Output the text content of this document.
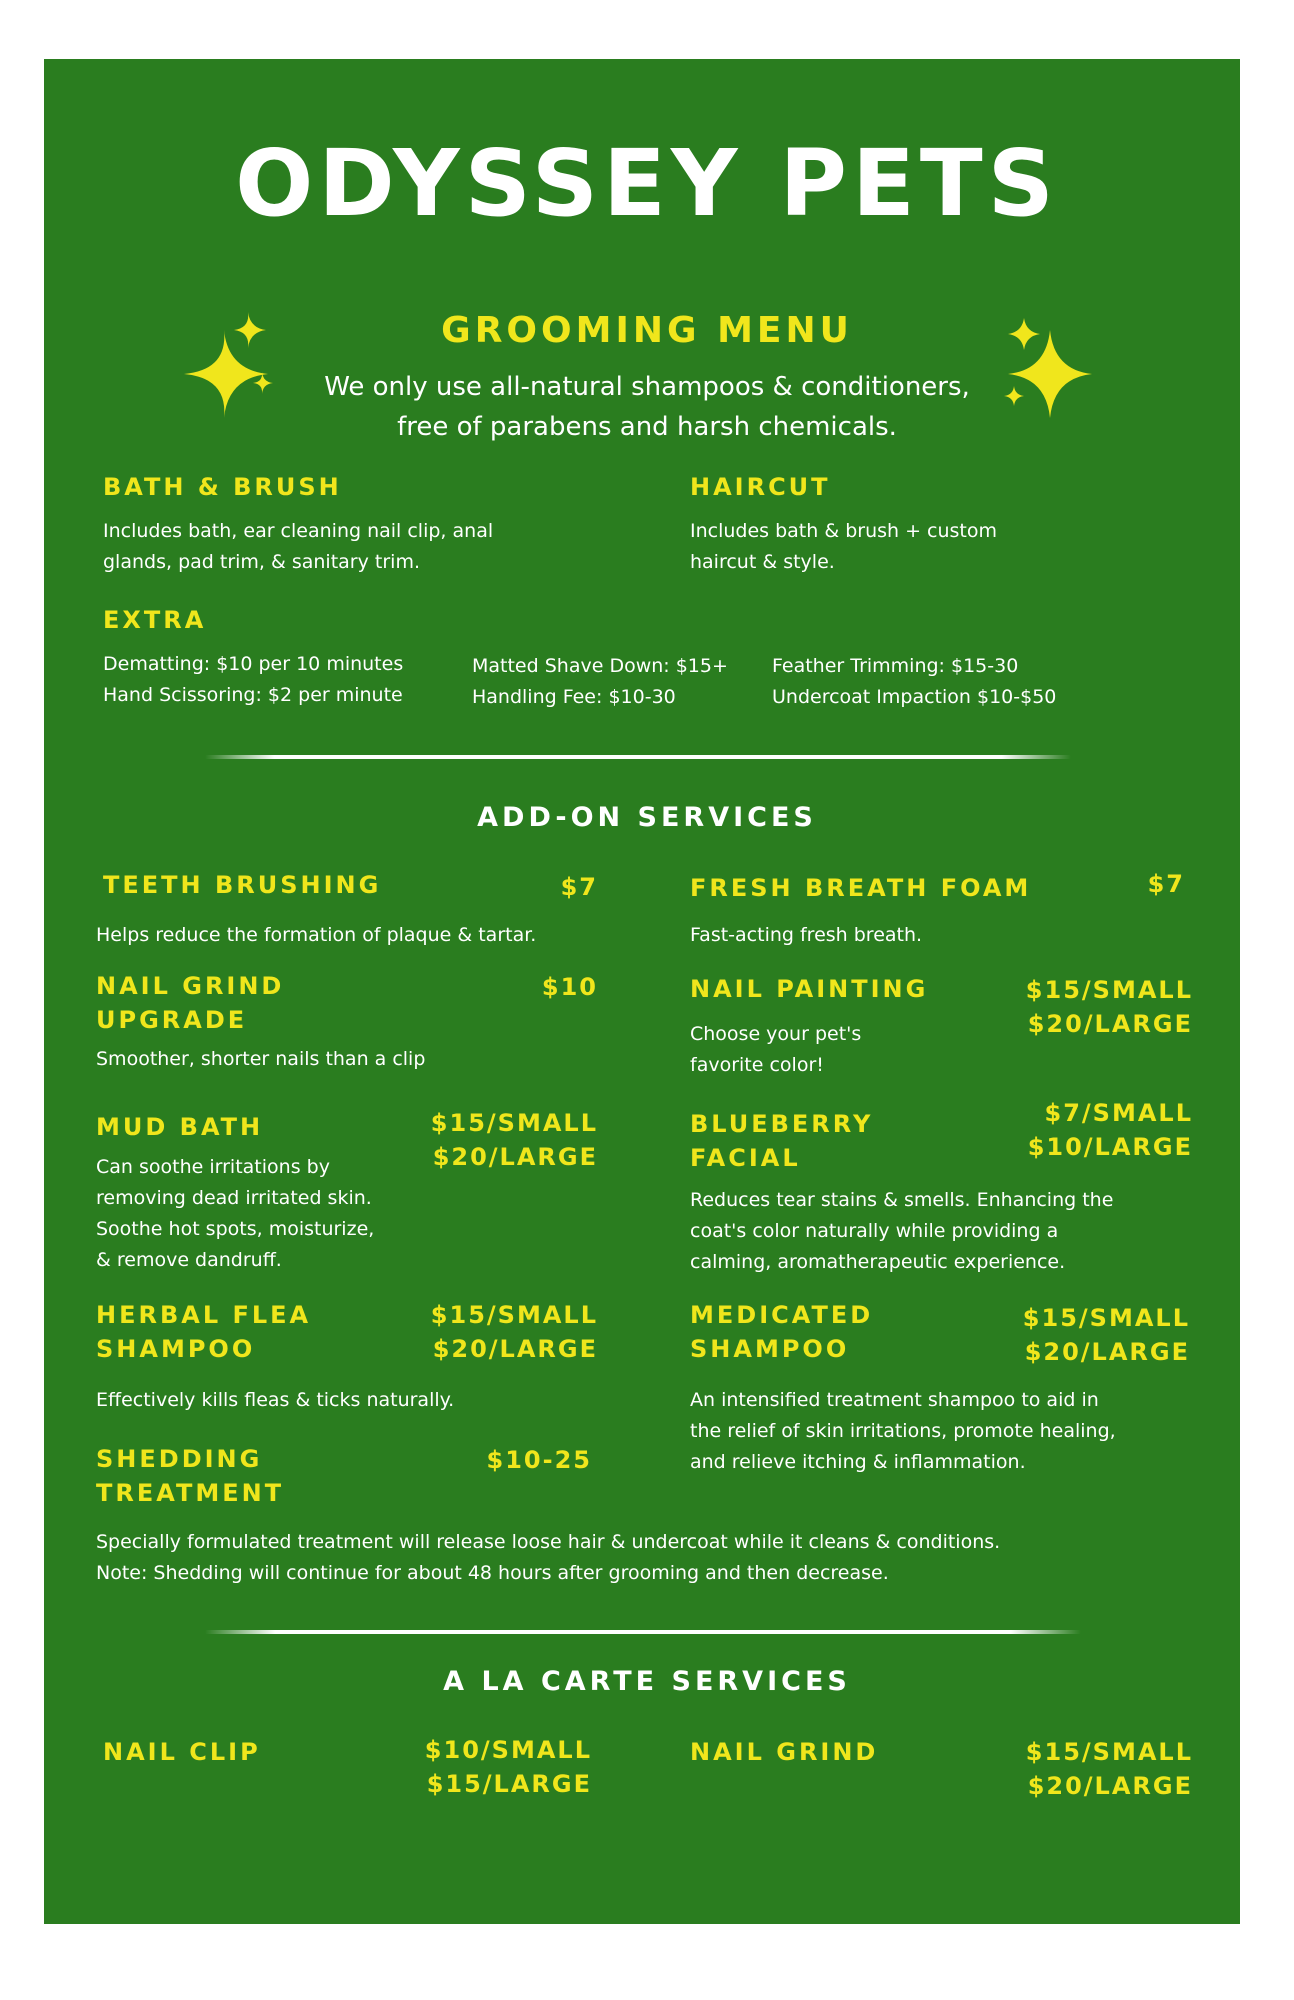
ODYSSEY PETS
GROOMING MENU
We only use all-natural shampoos & conditioners,
free of parabens and harsh chemicals.
BATH & BRUSH
Includes bath, ear cleaning nail clip, anal
glands, pad trim, & sanitary trim.
HAIRCUT
Includes bath & brush + custom
haircut & style.
EXTRA
Dematting: $10 per 10 minutes
Hand Scissoring: $2 per minute
Matted Shave Down: $15+
Handling Fee: $10-30
Feather Trimming: $15-30
Undercoat Impaction $10-$50
ADD-ON SERVICES
TEETH BRUSHING	$7
Helps reduce the formation of plaque & tartar.
FRESH BREATH FOAM	$7
Fast-acting fresh breath.
NAIL GRIND
UPGRADE
$10
Smoother, shorter nails than a clip
NAIL PAINTING	$15/SMALL
$20/LARGE
Choose your pet's
favorite color!
MUD BATH	$15/SMALL
$20/LARGE
Can soothe irritations by
removing dead irritated skin.
Soothe hot spots, moisturize,
& remove dandruff.
BLUEBERRY
FACIAL
$7/SMALL
$10/LARGE
Reduces tear stains & smells. Enhancing the
coat's color naturally while providing a
calming, aromatherapeutic experience.
HERBAL FLEA
SHAMPOO
$15/SMALL
$20/LARGE
Effectively kills fleas & ticks naturally.
MEDICATED
SHAMPOO
$15/SMALL
$20/LARGE
An intensified treatment shampoo to aid in
the relief of skin irritations, promote healing,
and relieve itching & inflammation.
SHEDDING
TREATMENT
$10-25
Specially formulated treatment will release loose hair & undercoat while it cleans & conditions.
Note: Shedding will continue for about 48 hours after grooming and then decrease.
A LA CARTE SERVICES
NAIL CLIP	$10/SMALL
$15/LARGE
NAIL GRIND	$15/SMALL
$20/LARGE
